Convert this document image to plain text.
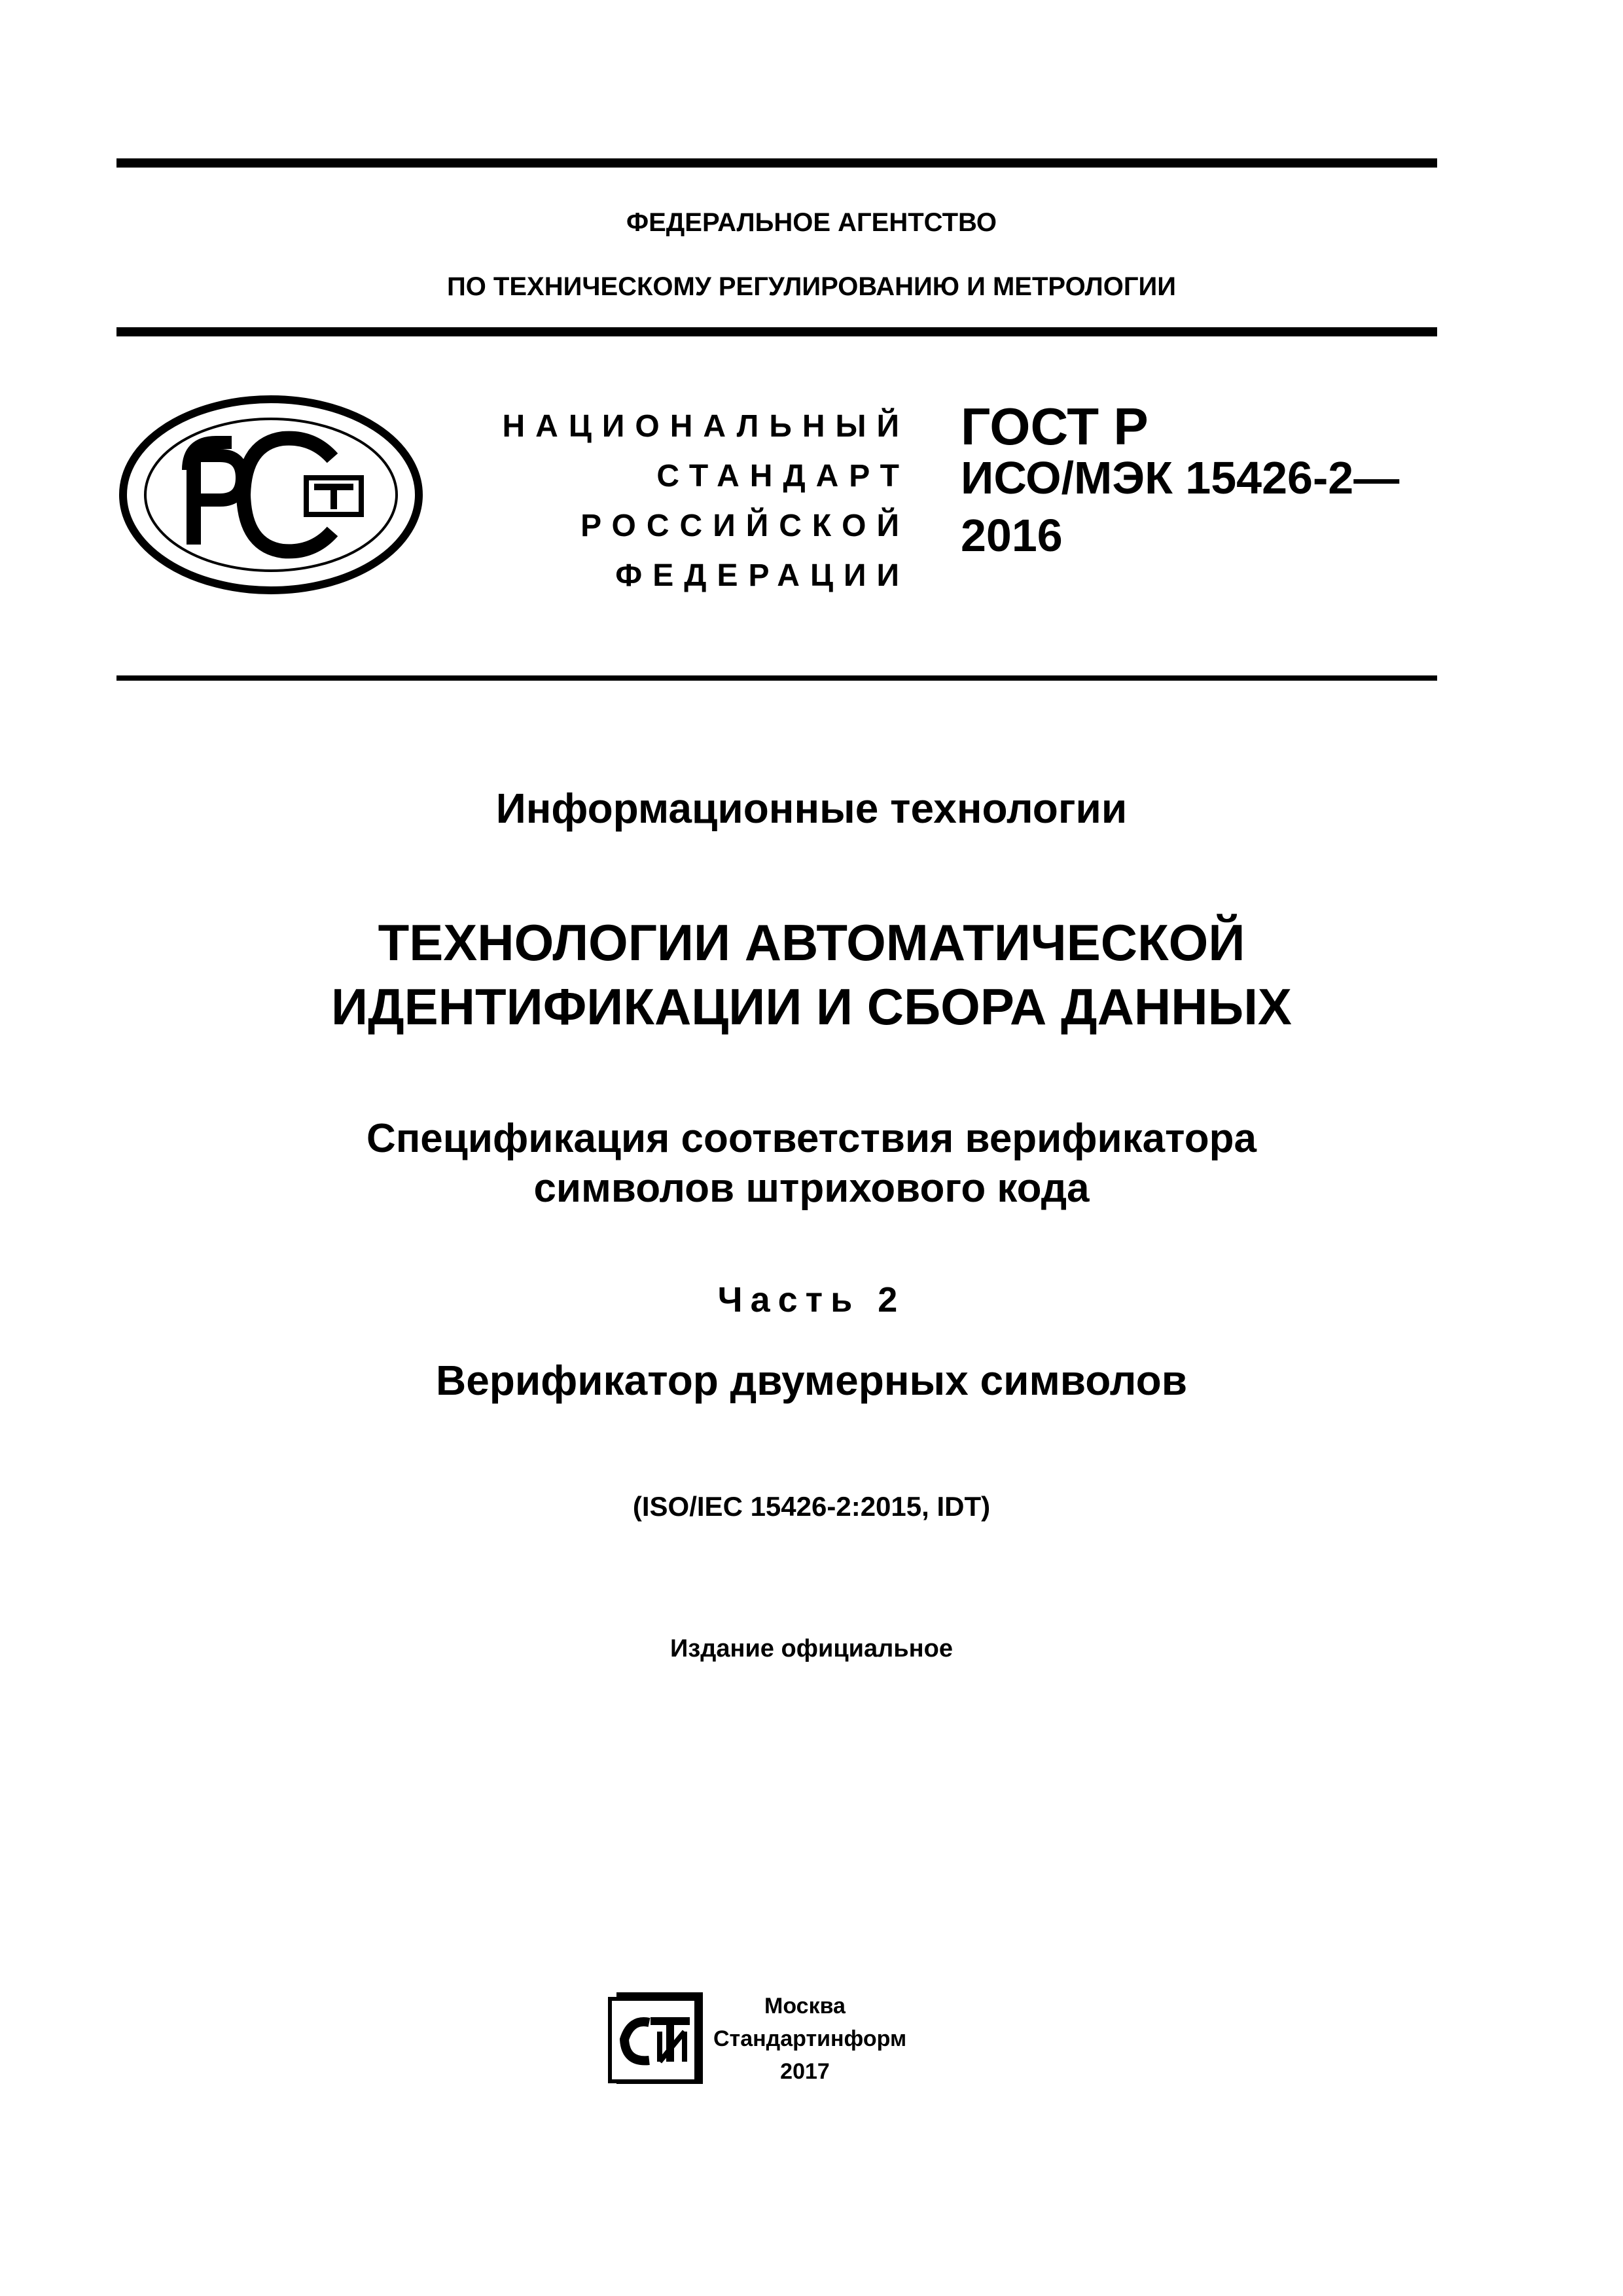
ФЕДЕРАЛЬНОЕ АГЕНТСТВО
ПО ТЕХНИЧЕСКОМУ РЕГУЛИРОВАНИЮ И МЕТРОЛОГИИ
НАЦИОНАЛЬНЫЙ
СТАНДАРТ
РОССИЙСКОЙ
ФЕДЕРАЦИИ
ГОСТ Р
ИСО/МЭК 15426-2—
2016
Информационные технологии
ТЕХНОЛОГИИ АВТОМАТИЧЕСКОЙ
ИДЕНТИФИКАЦИИ И СБОРА ДАННЫХ
Спецификация соответствия верификатора
символов штрихового кода
Часть 2
Верификатор двумерных символов
(ISO/IEC 15426-2:2015, IDT)
Издание официальное
Москва
Стандартинформ
2017
